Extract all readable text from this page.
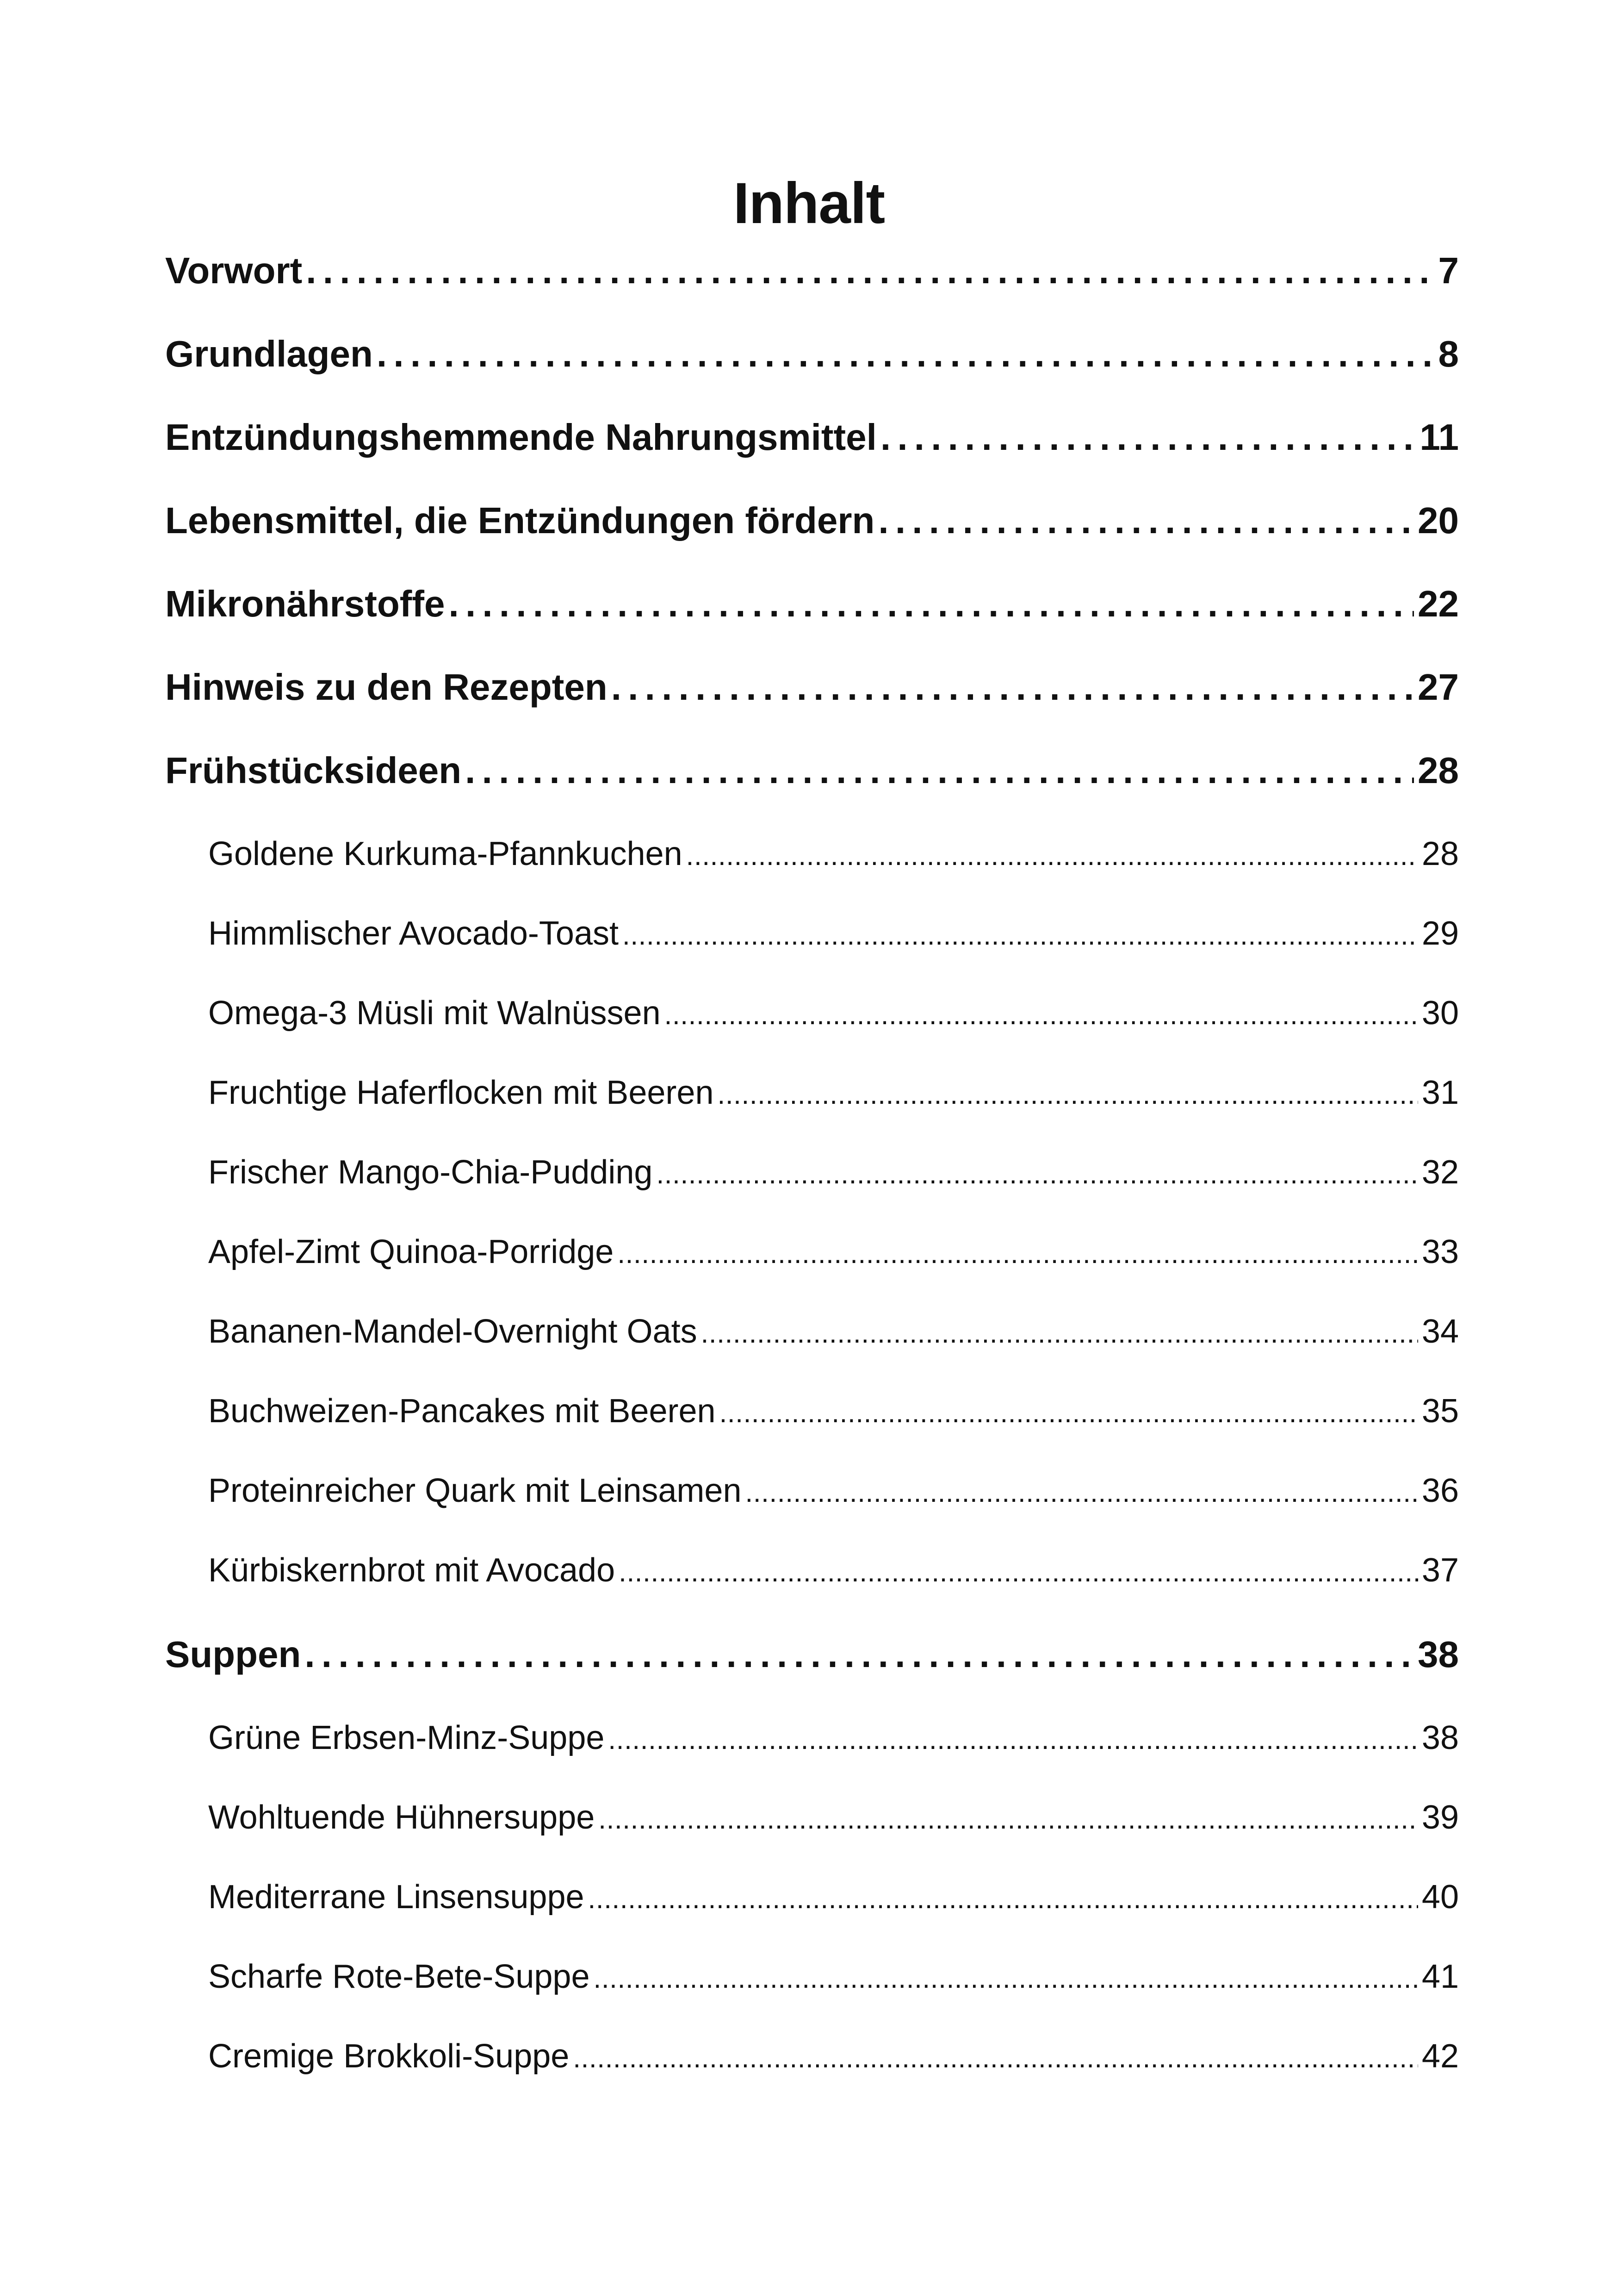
Inhalt
Vorwort . . .	7
Grundlagen . . .	8
Entzündungshemmende Nahrungsmittel . . .	11
Lebensmittel, die Entzündungen fördern . . .	20
Mikronährstoffe . . .	22
Hinweis zu den Rezepten . . .	27
Frühstücksideen . . .	28
Goldene Kurkuma-Pfannkuchen . . .	28
Himmlischer Avocado-Toast . . .	29
Omega-3 Müsli mit Walnüssen . . .	30
Fruchtige Haferflocken mit Beeren . . .	31
Frischer Mango-Chia-Pudding . . .	32
Apfel-Zimt Quinoa-Porridge . . .	33
Bananen-Mandel-Overnight Oats . . .	34
Buchweizen-Pancakes mit Beeren . . .	35
Proteinreicher Quark mit Leinsamen . . .	36
Kürbiskernbrot mit Avocado . . .	37
Suppen . . .	38
Grüne Erbsen-Minz-Suppe . . .	38
Wohltuende Hühnersuppe . . .	39
Mediterrane Linsensuppe . . .	40
Scharfe Rote-Bete-Suppe . . .	41
Cremige Brokkoli-Suppe . . .	42
